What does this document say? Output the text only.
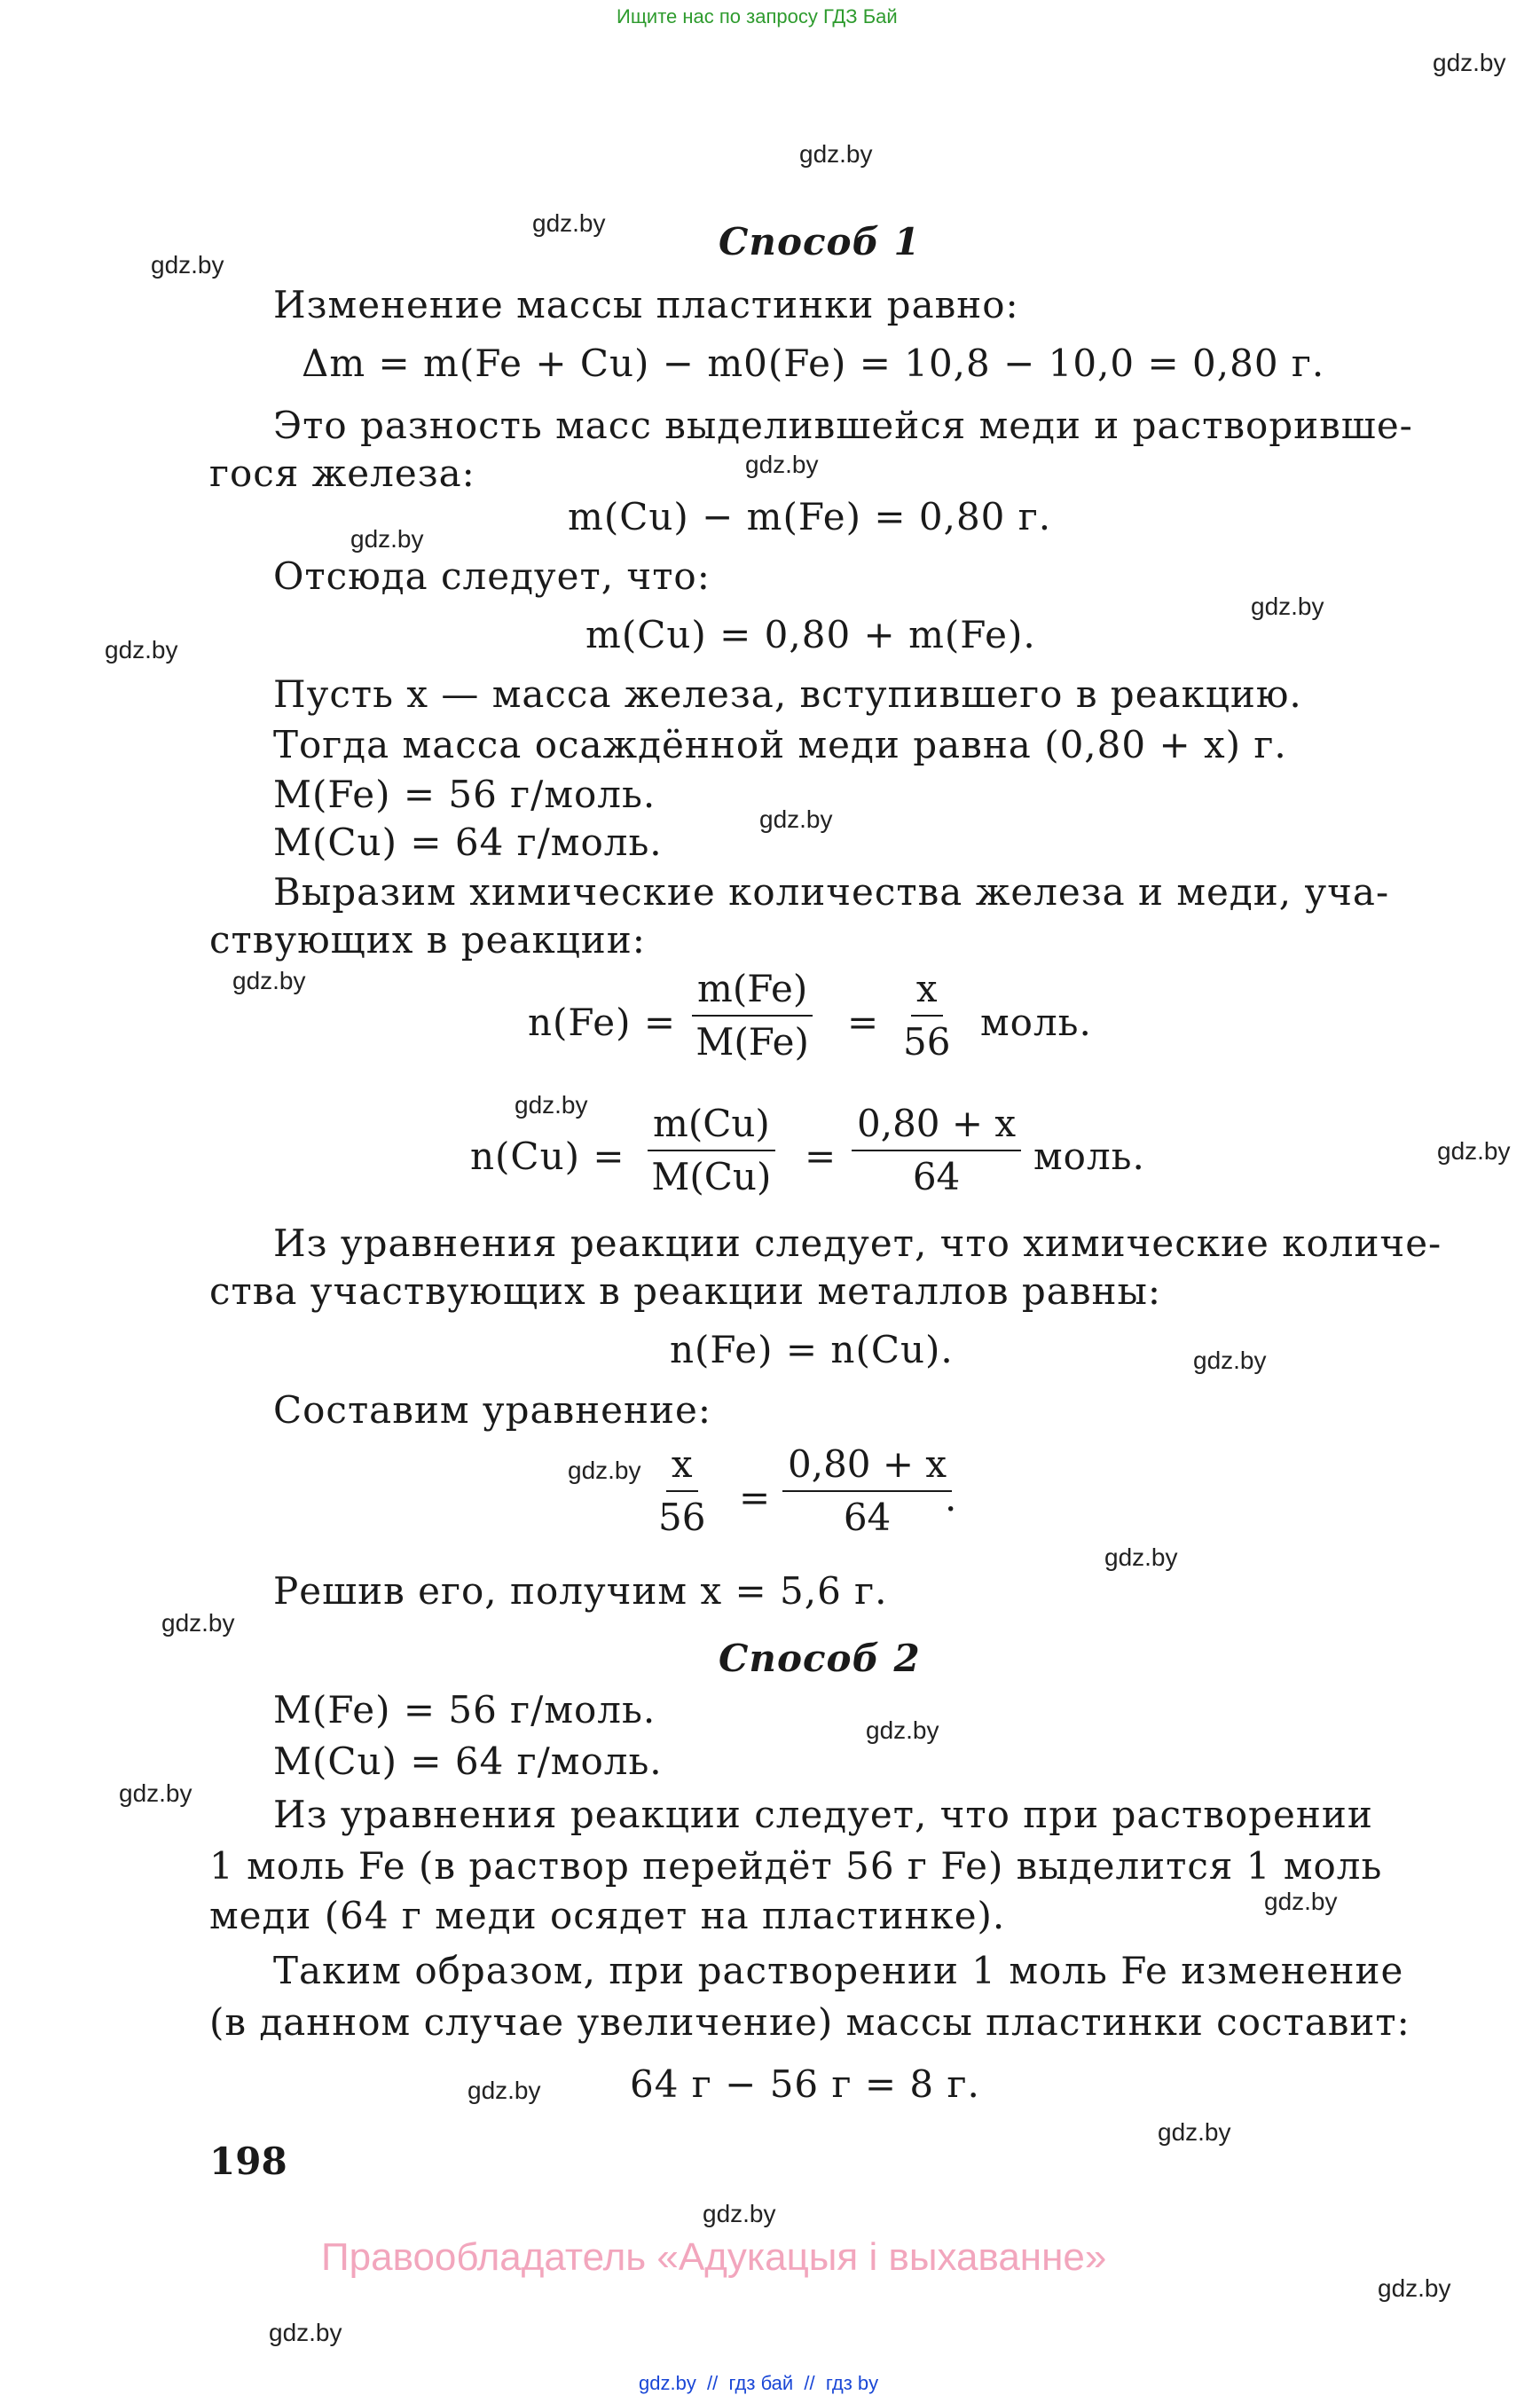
Ищите нас по запросу ГДЗ Бай
gdz.by
gdz.by
gdz.by
gdz.by
gdz.by
gdz.by
gdz.by
gdz.by
gdz.by
gdz.by
gdz.by
gdz.by
gdz.by
gdz.by
gdz.by
gdz.by
gdz.by
gdz.by
gdz.by
gdz.by
gdz.by
gdz.by
gdz.by
gdz.by
Способ 1
Изменение массы пластинки равно:
Δm = m(Fe + Cu) − m0(Fe) = 10,8 − 10,0 = 0,80 г.
Это разность масс выделившейся меди и растворивше-
гося железа:
m(Cu) − m(Fe) = 0,80 г.
Отсюда следует, что:
m(Cu) = 0,80 + m(Fe).
Пусть x — масса железа, вступившего в реакцию.
Тогда масса осаждённой меди равна (0,80 + x) г.
M(Fe) = 56 г/моль.
M(Cu) = 64 г/моль.
Выразим химические количества железа и меди, уча-
ствующих в реакции:
$n(Fe) = \frac{m(Fe)}{M(Fe)} = \frac{x}{56}$ моль.
$n(Cu) = \frac{m(Cu)}{M(Cu)} = \frac{0,80 + x}{64}$ моль.
Из уравнения реакции следует, что химические количе-
ства участвующих в реакции металлов равны:
n(Fe) = n(Cu).
Составим уравнение:
$\frac{x}{56} = \frac{0,80 + x}{64}$
.
Решив его, получим x = 5,6 г.
Способ 2
M(Fe) = 56 г/моль.
M(Cu) = 64 г/моль.
Из уравнения реакции следует, что при растворении
1 моль Fe (в раствор перейдёт 56 г Fe) выделится 1 моль
меди (64 г меди осядет на пластинке).
Таким образом, при растворении 1 моль Fe изменение
(в данном случае увеличение) массы пластинки составит:
64 г − 56 г = 8 г.
198
Правообладатель «Адукацыя і выхаванне»
gdz.by  //  гдз бай  //  гдз by
